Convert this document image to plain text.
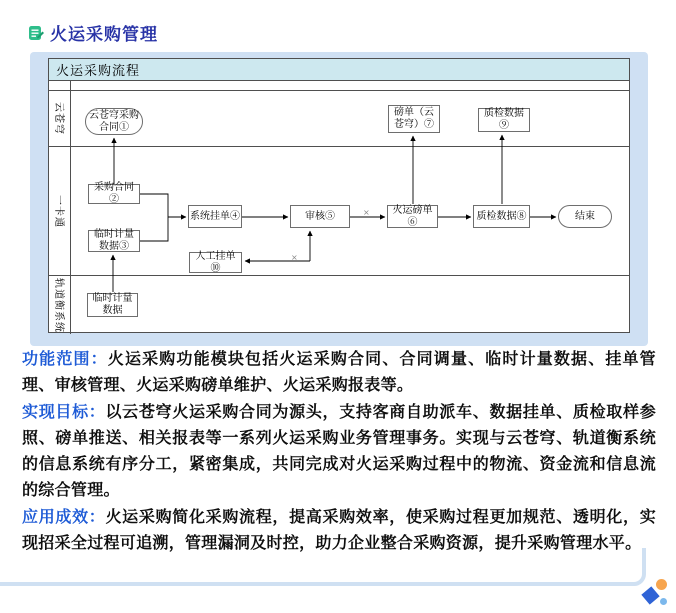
火运采购管理
火运采购流程
云苍穹
一卡通
轨道衡系统
云苍穹采购合同①
磅单（云苍穹）⑦
质检数据⑨
采购合同②
临时计量数据③
系统挂单④	审核⑤
人工挂单⑩
火运磅单⑥
质检数据⑧	结束
临时计量数据
×
×

功能范围：火运采购功能模块包括火运采购合同、合同调量、临时计量数据、挂单管理、审核管理、火运采购磅单维护、火运采购报表等。

实现目标：以云苍穹火运采购合同为源头，支持客商自助派车、数据挂单、质检取样参照、磅单推送、相关报表等一系列火运采购业务管理事务。实现与云苍穹、轨道衡系统的信息系统有序分工，紧密集成，共同完成对火运采购过程中的物流、资金流和信息流的综合管理。

应用成效：火运采购简化采购流程，提高采购效率，使采购过程更加规范、透明化，实现招采全过程可追溯，管理漏洞及时控，助力企业整合采购资源，提升采购管理水平。
